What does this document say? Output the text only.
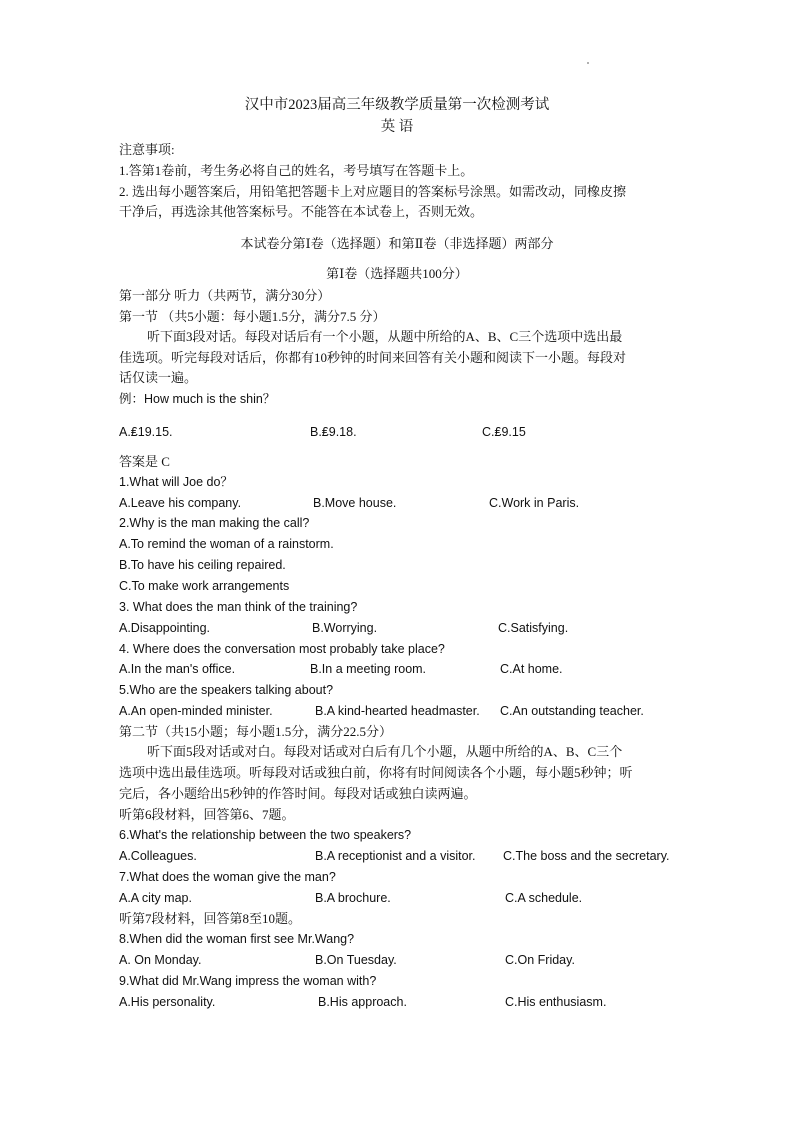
汉中市2023届高三年级教学质量第一次检测考试
英 语
注意事项:
1.答第1卷前，考生务必将自己的姓名，考号填写在答题卡上。
2. 选出每小题答案后，用铅笔把答题卡上对应题目的答案标号涂黑。如需改动，同橡皮擦
干净后，再选涂其他答案标号。不能答在本试卷上，否则无效。
本试卷分第Ⅰ卷（选择题）和第Ⅱ卷（非选择题）两部分
第Ⅰ卷（选择题共100分）
第一部分 听力（共两节，满分30分）
第一节 （共5小题：每小题1.5分，满分7.5 分）
听下面3段对话。每段对话后有一个小题，从题中所给的A、B、C三个选项中选出最
佳选项。听完每段对话后，你都有10秒钟的时间来回答有关小题和阅读下一小题。每段对
话仅读一遍。
例：How much is the shin？
A.₤19.15.	B.₤9.18.	C.₤9.15
答案是 C
1.What will Joe do？
A.Leave his company.	B.Move house.	C.Work in Paris.
2.Why is the man making the call?
A.To remind the woman of a rainstorm.
B.To have his ceiling repaired.
C.To make work arrangements
3. What does the man think of the training?
A.Disappointing.	B.Worrying.	C.Satisfying.
4. Where does the conversation most probably take place?
A.In the man's office.	B.In a meeting room.	C.At home.
5.Who are the speakers talking about?
A.An open-minded minister.	B.A kind-hearted headmaster. C.An outstanding teacher.
第二节（共15小题；每小题1.5分，满分22.5分）
听下面5段对话或对白。每段对话或对白后有几个小题，从题中所给的A、B、C三个
选项中选出最佳选项。听每段对话或独白前，你将有时间阅读各个小题，每小题5秒钟；听
完后，各小题给出5秒钟的作答时间。每段对话或独白读两遍。
听第6段材料，回答第6、7题。
6.What's the relationship between the two speakers?
A.Colleagues.	B.A receptionist and a visitor. C.The boss and the secretary.
7.What does the woman give the man?
A.A city map.	B.A brochure.	C.A schedule.
听第7段材料，回答第8至10题。
8.When did the woman first see Mr.Wang?
A. On Monday.	B.On Tuesday.	C.On Friday.
9.What did Mr.Wang impress the woman with?
A.His personality.	B.His approach.	C.His enthusiasm.
